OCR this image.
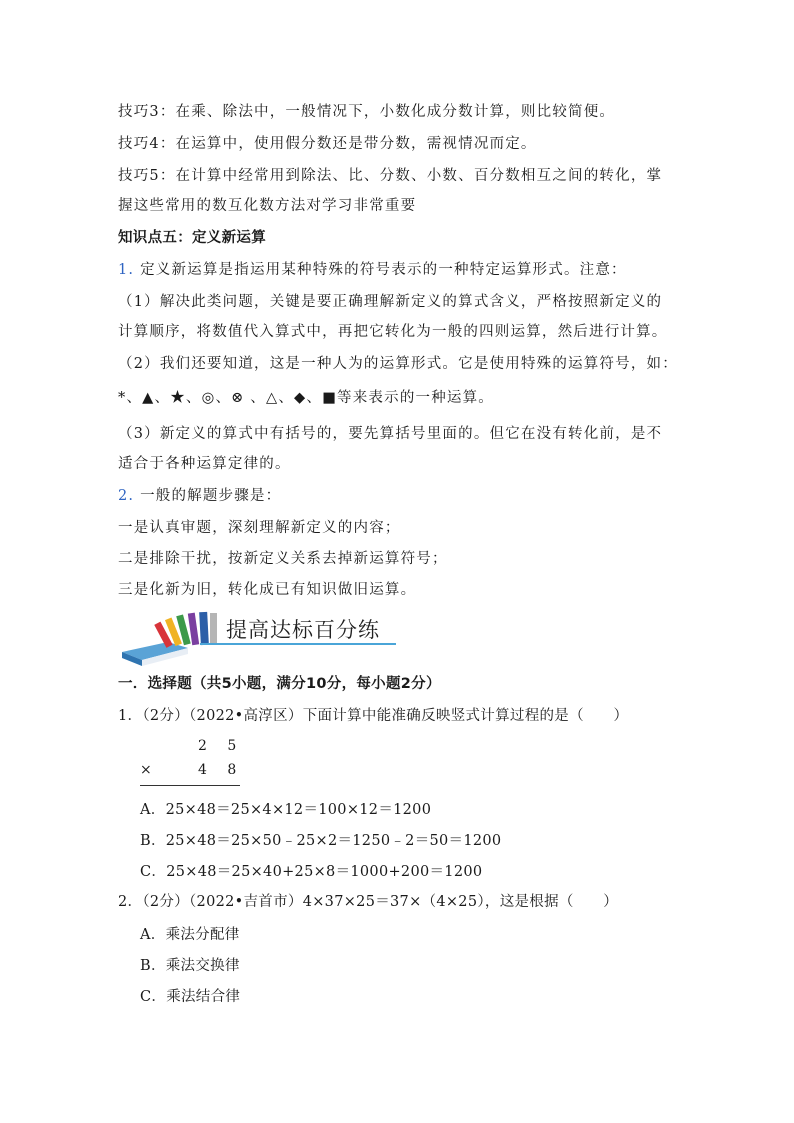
技巧3：在乘、除法中，一般情况下，小数化成分数计算，则比较简便。
技巧4：在运算中，使用假分数还是带分数，需视情况而定。
技巧5：在计算中经常用到除法、比、分数、小数、百分数相互之间的转化，掌
握这些常用的数互化数方法对学习非常重要
知识点五：定义新运算
1. 定义新运算是指运用某种特殊的符号表示的一种特定运算形式。注意：
（1）解决此类问题，关键是要正确理解新定义的算式含义，严格按照新定义的
计算顺序，将数值代入算式中，再把它转化为一般的四则运算，然后进行计算。
（2）我们还要知道，这是一种人为的运算形式。它是使用特殊的运算符号，如：
*、▲、★、◎、⊗ 、△、◆、■等来表示的一种运算。
（3）新定义的算式中有括号的，要先算括号里面的。但它在没有转化前，是不
适合于各种运算定律的。
2. 一般的解题步骤是：
一是认真审题，深刻理解新定义的内容；
二是排除干扰，按新定义关系去掉新运算符号；
三是化新为旧，转化成已有知识做旧运算。
提高达标百分练
一．选择题（共5小题，满分10分，每小题2分）
1．（2分）（2022•高淳区）下面计算中能准确反映竖式计算过程的是（　　）
2 5
×	4 8
A．25×48＝25×4×12＝100×12＝1200
B．25×48＝25×50﹣25×2＝1250﹣2＝50＝1200
C．25×48＝25×40+25×8＝1000+200＝1200
2．（2分）（2022•吉首市）4×37×25＝37×（4×25），这是根据（　　）
A．乘法分配律
B．乘法交换律
C．乘法结合律
